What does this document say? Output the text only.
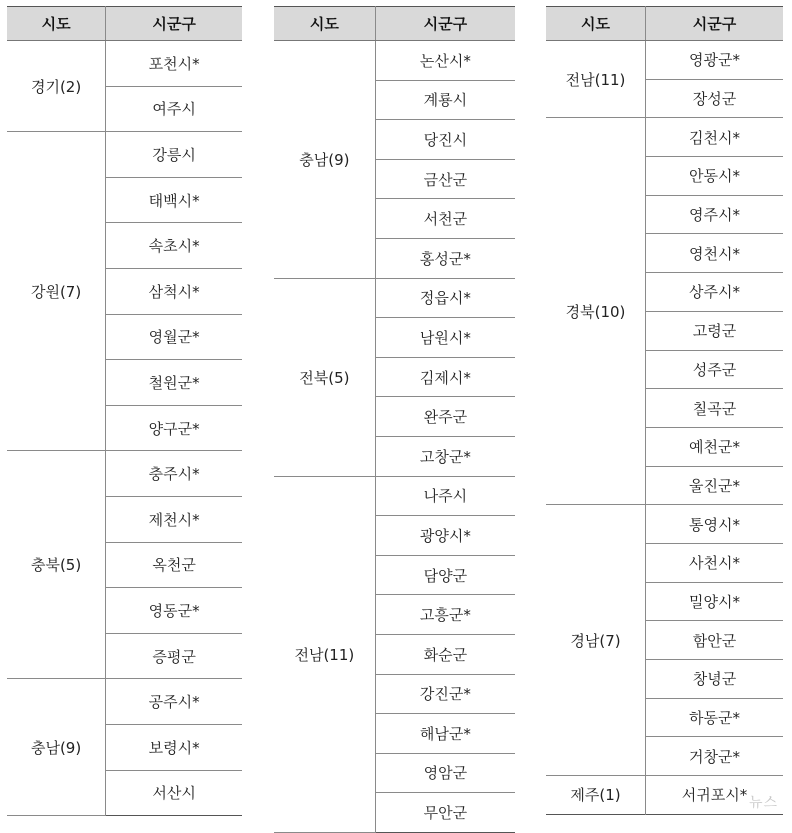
시도	시군구
경기(2)	포천시*
	여주시
강원(7)	강릉시
	태백시*
	속초시*
	삼척시*
	영월군*
	철원군*
	양구군*
충북(5)	충주시*
	제천시*
	옥천군
	영동군*
	증평군
충남(9)	공주시*
	보령시*
	서산시
시도	시군구
충남(9)	논산시*
	계룡시
	당진시
	금산군
	서천군
	홍성군*
전북(5)	정읍시*
	남원시*
	김제시*
	완주군
	고창군*
전남(11)	나주시
	광양시*
	담양군
	고흥군*
	화순군
	강진군*
	해남군*
	영암군
	무안군
시도	시군구
전남(11)	영광군*
	장성군
경북(10)	김천시*
	안동시*
	영주시*
	영천시*
	상주시*
	고령군
	성주군
	칠곡군
	예천군*
	울진군*
경남(7)	통영시*
	사천시*
	밀양시*
	함안군
	창녕군
	하동군*
	거창군*
제주(1)	서귀포시* 뉴스
